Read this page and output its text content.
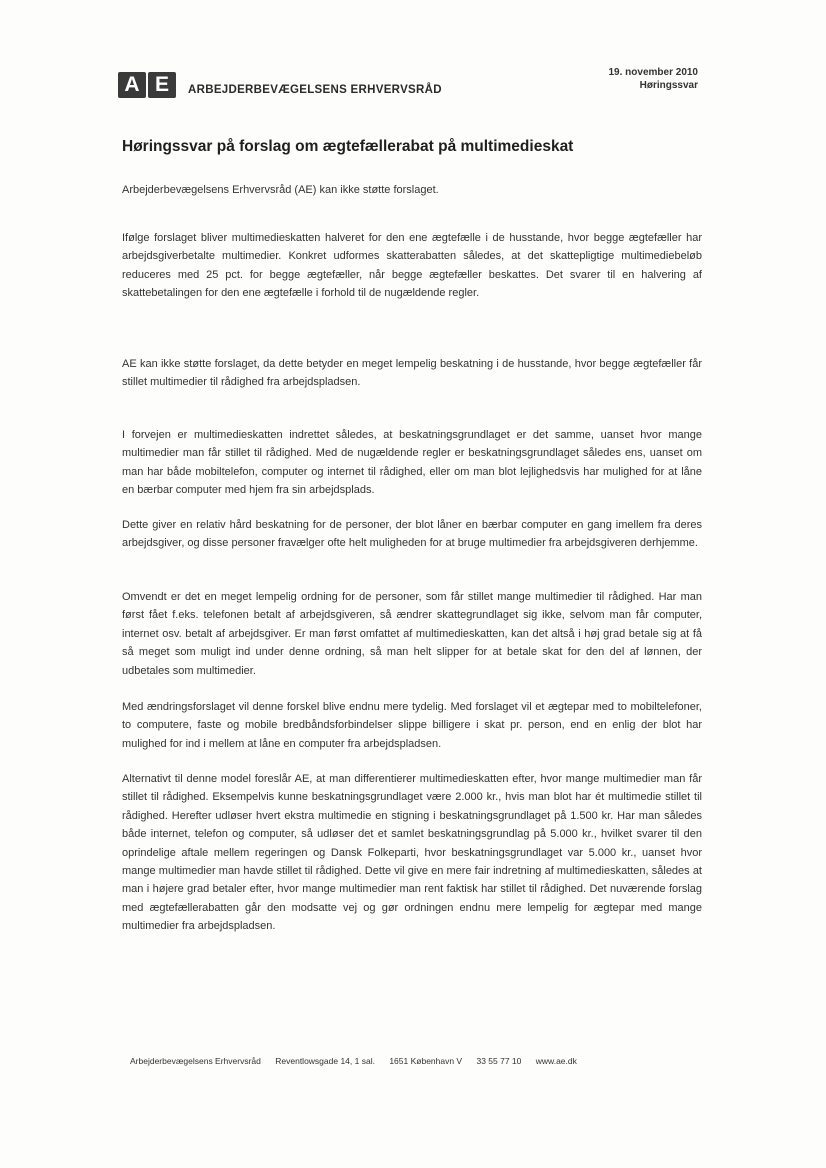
A E	ARBEJDERBEVÆGELSENS ERHVERVSRÅD
19. november 2010
Høringssvar
Høringssvar på forslag om ægtefællerabat på multimedieskat

Arbejderbevægelsens Erhvervsråd (AE) kan ikke støtte forslaget.

Ifølge forslaget bliver multimedieskatten halveret for den ene ægtefælle i de husstande, hvor begge ægtefæller har arbejdsgiverbetalte multimedier. Konkret udformes skatterabatten således, at det skattepligtige multimediebeløb reduceres med 25 pct. for begge ægtefæller, når begge ægtefæller beskattes. Det svarer til en halvering af skattebetalingen for den ene ægtefælle i forhold til de nugældende regler.

AE kan ikke støtte forslaget, da dette betyder en meget lempelig beskatning i de husstande, hvor begge ægtefæller får stillet multimedier til rådighed fra arbejdspladsen.

I forvejen er multimedieskatten indrettet således, at beskatningsgrundlaget er det samme, uanset hvor mange multimedier man får stillet til rådighed. Med de nugældende regler er beskatningsgrundlaget således ens, uanset om man har både mobiltelefon, computer og internet til rådighed, eller om man blot lejlighedsvis har mulighed for at låne en bærbar computer med hjem fra sin arbejdsplads.

Dette giver en relativ hård beskatning for de personer, der blot låner en bærbar computer en gang imellem fra deres arbejdsgiver, og disse personer fravælger ofte helt muligheden for at bruge multimedier fra arbejdsgiveren derhjemme.

Omvendt er det en meget lempelig ordning for de personer, som får stillet mange multimedier til rådighed. Har man først fået f.eks. telefonen betalt af arbejdsgiveren, så ændrer skattegrundlaget sig ikke, selvom man får computer, internet osv. betalt af arbejdsgiver. Er man først omfattet af multimedieskatten, kan det altså i høj grad betale sig at få så meget som muligt ind under denne ordning, så man helt slipper for at betale skat for den del af lønnen, der udbetales som multimedier.

Med ændringsforslaget vil denne forskel blive endnu mere tydelig. Med forslaget vil et ægtepar med to mobiltelefoner, to computere, faste og mobile bredbåndsforbindelser slippe billigere i skat pr. person, end en enlig der blot har mulighed for ind i mellem at låne en computer fra arbejdspladsen.

Alternativt til denne model foreslår AE, at man differentierer multimedieskatten efter, hvor mange multimedier man får stillet til rådighed. Eksempelvis kunne beskatningsgrundlaget være 2.000 kr., hvis man blot har ét multimedie stillet til rådighed. Herefter udløser hvert ekstra multimedie en stigning i beskatningsgrundlaget på 1.500 kr. Har man således både internet, telefon og computer, så udløser det et samlet beskatningsgrundlag på 5.000 kr., hvilket svarer til den oprindelige aftale mellem regeringen og Dansk Folkeparti, hvor beskatningsgrundlaget var 5.000 kr., uanset hvor mange multimedier man havde stillet til rådighed. Dette vil give en mere fair indretning af multimedieskatten, således at man i højere grad betaler efter, hvor mange multimedier man rent faktisk har stillet til rådighed. Det nuværende forslag med ægtefællerabatten går den modsatte vej og gør ordningen endnu mere lempelig for ægtepar med mange multimedier fra arbejdspladsen.

Arbejderbevægelsens Erhvervsråd Reventlowsgade 14, 1 sal. 1651 København V 33 55 77 10 www.ae.dk
